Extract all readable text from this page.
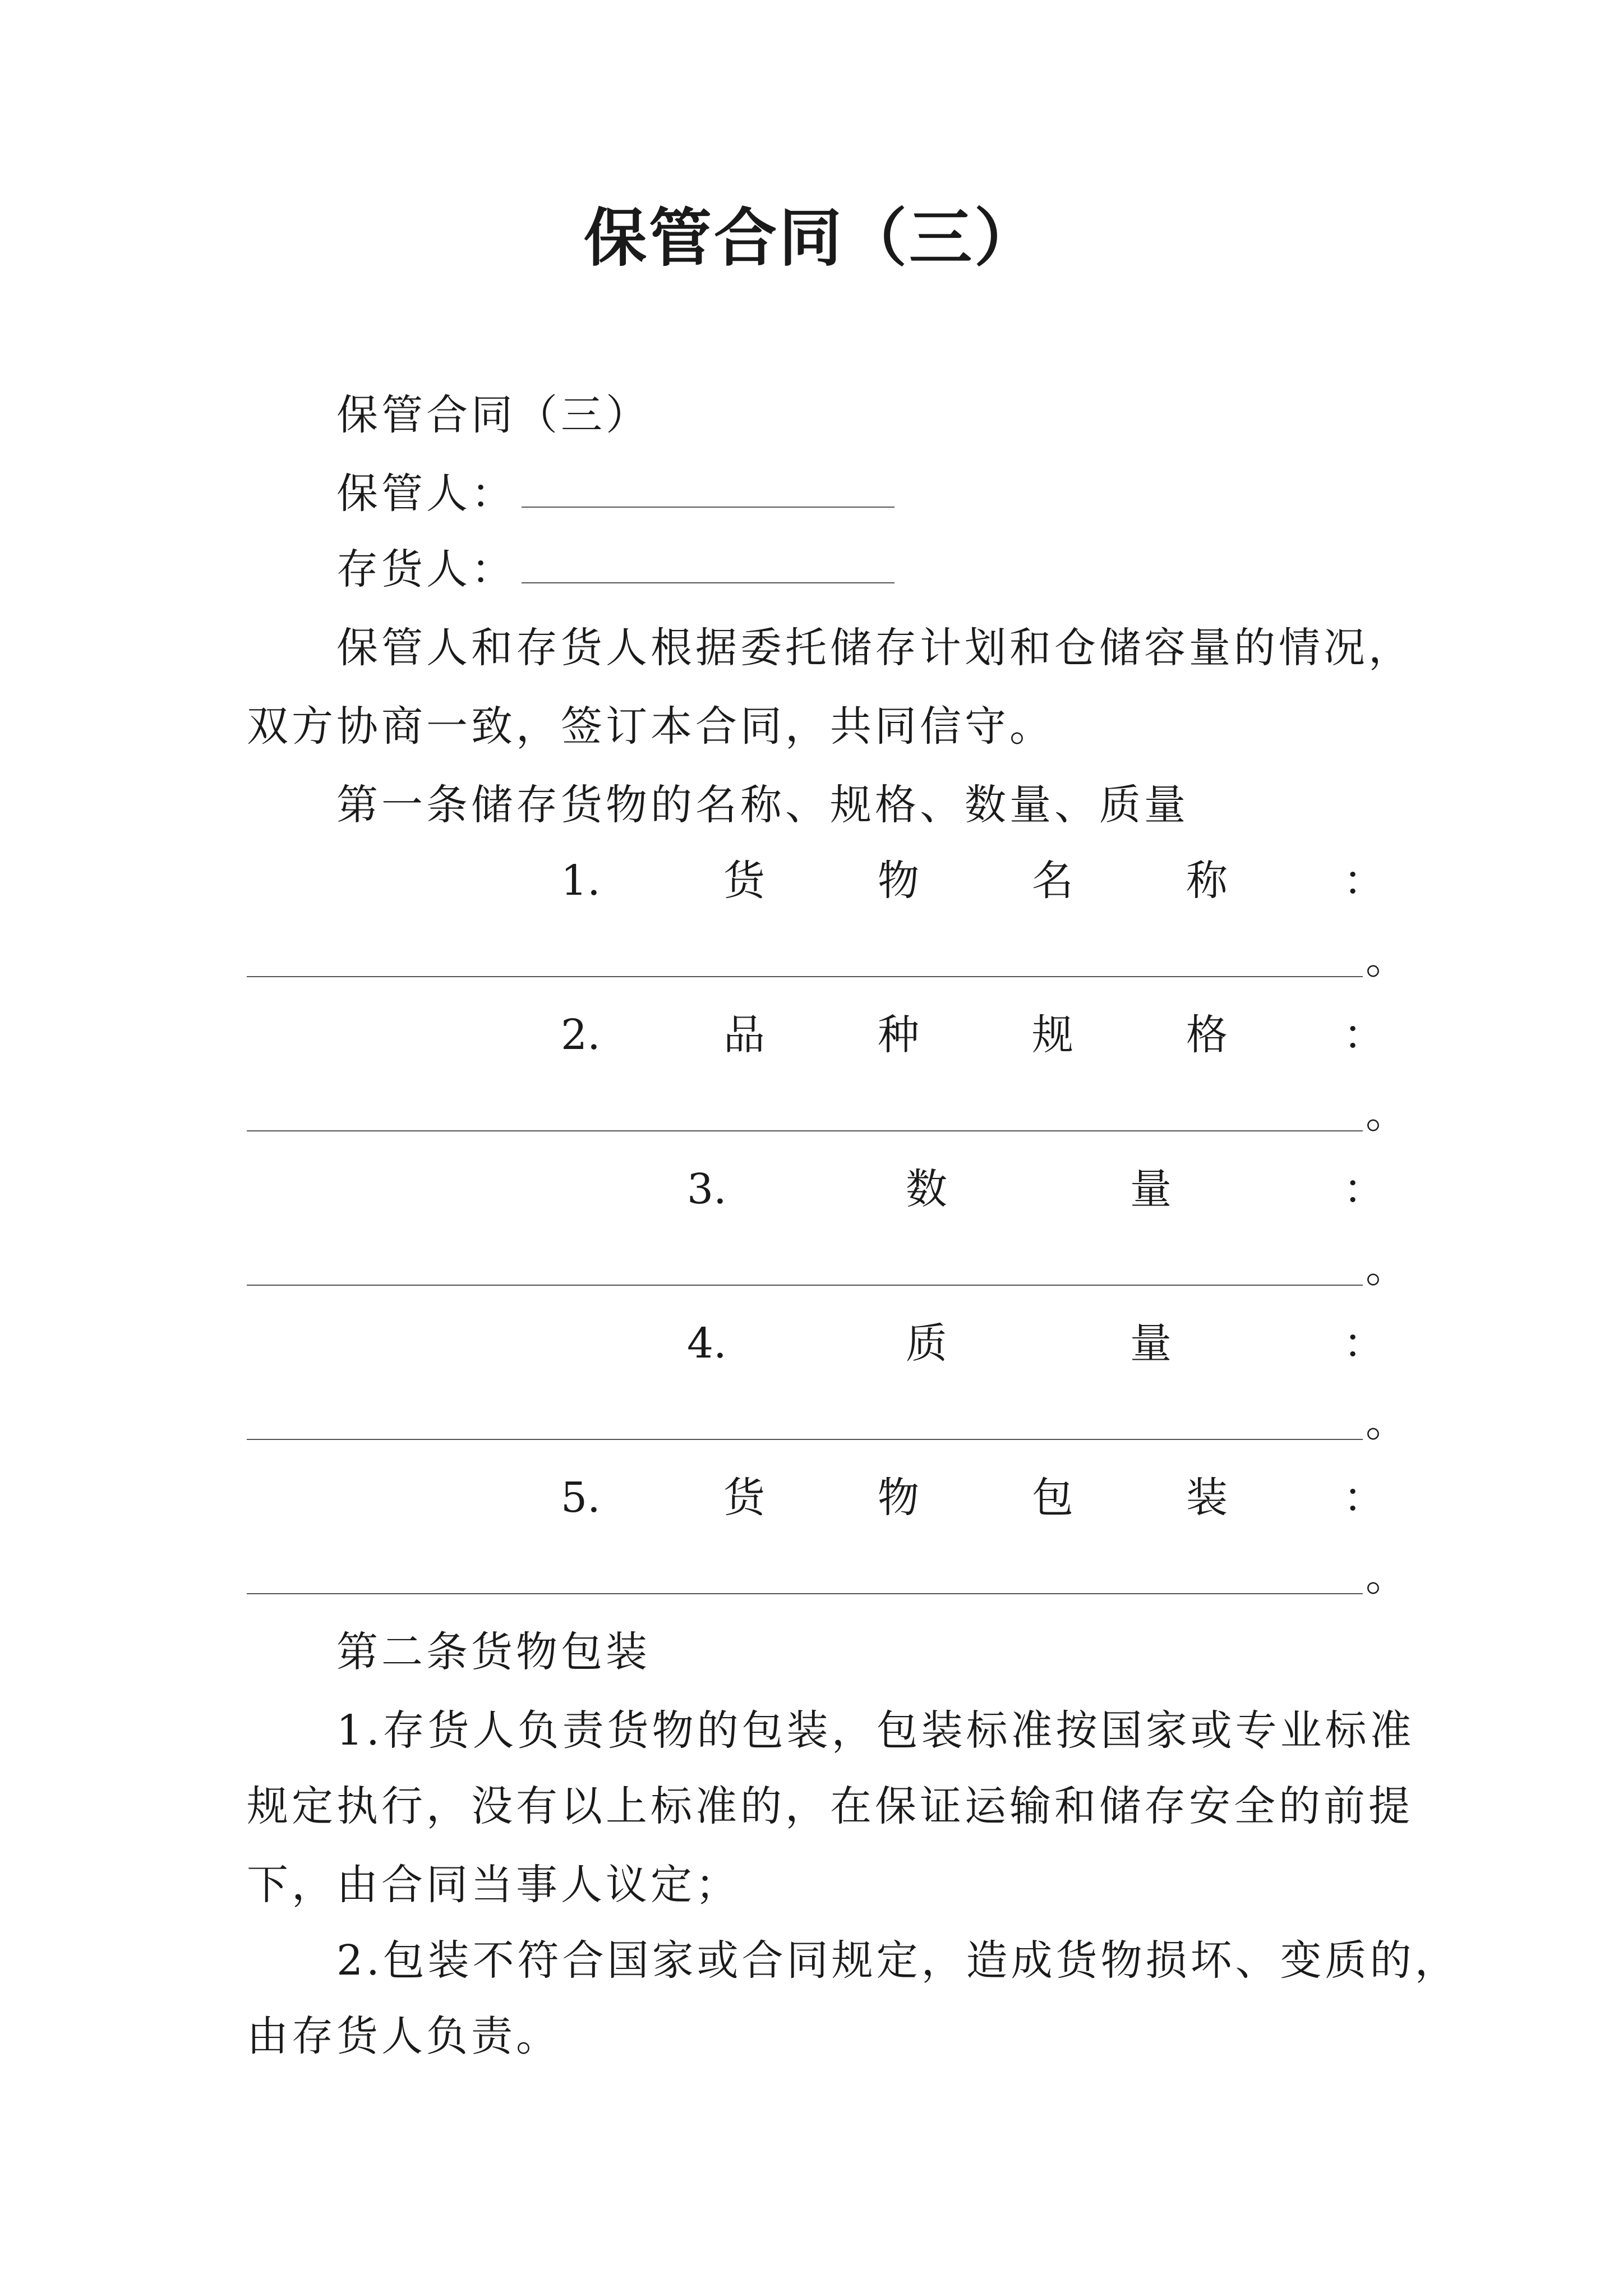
保管合同（三）
保管合同（三）
保管人：
存货人：
保管人和存货人根据委托储存计划和仓储容量的情况，
双方协商一致，签订本合同，共同信守。
第一条储存货物的名称、规格、数量、质量
1.	货	物	名	称	：
。
2.	品	种	规	格	：
。
3.	数	量	：
。
4.	质	量	：
。
5.	货	物	包	装	：
。
第二条货物包装
1.存货人负责货物的包装，包装标准按国家或专业标准
规定执行，没有以上标准的，在保证运输和储存安全的前提
下，由合同当事人议定；
2.包装不符合国家或合同规定，造成货物损坏、变质的，
由存货人负责。
